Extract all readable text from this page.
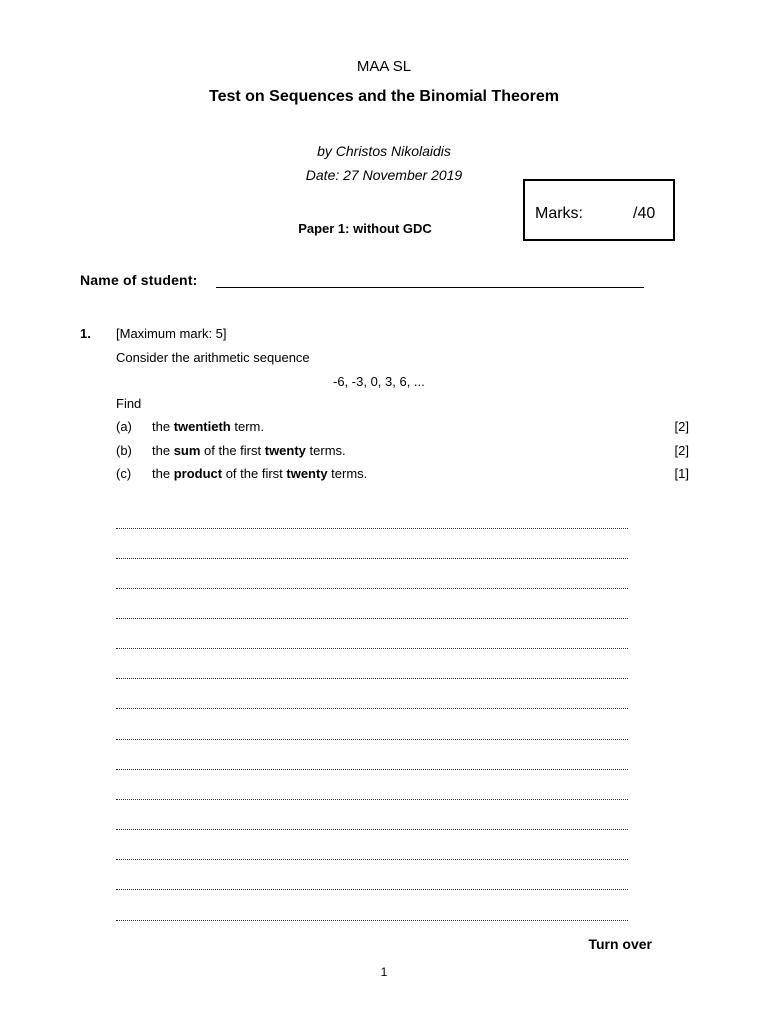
MAA SL
Test on Sequences and the Binomial Theorem
by Christos Nikolaidis
Date: 27 November 2019
Paper 1: without GDC
Marks:	/40
Name of student:
1. [Maximum mark: 5]
Consider the arithmetic sequence
-6, -3, 0, 3, 6, ...
Find
(a) the twentieth term.	[2]
(b) the sum of the first twenty terms.	[2]
(c) the product of the first twenty terms.	[1]
Turn over
1
